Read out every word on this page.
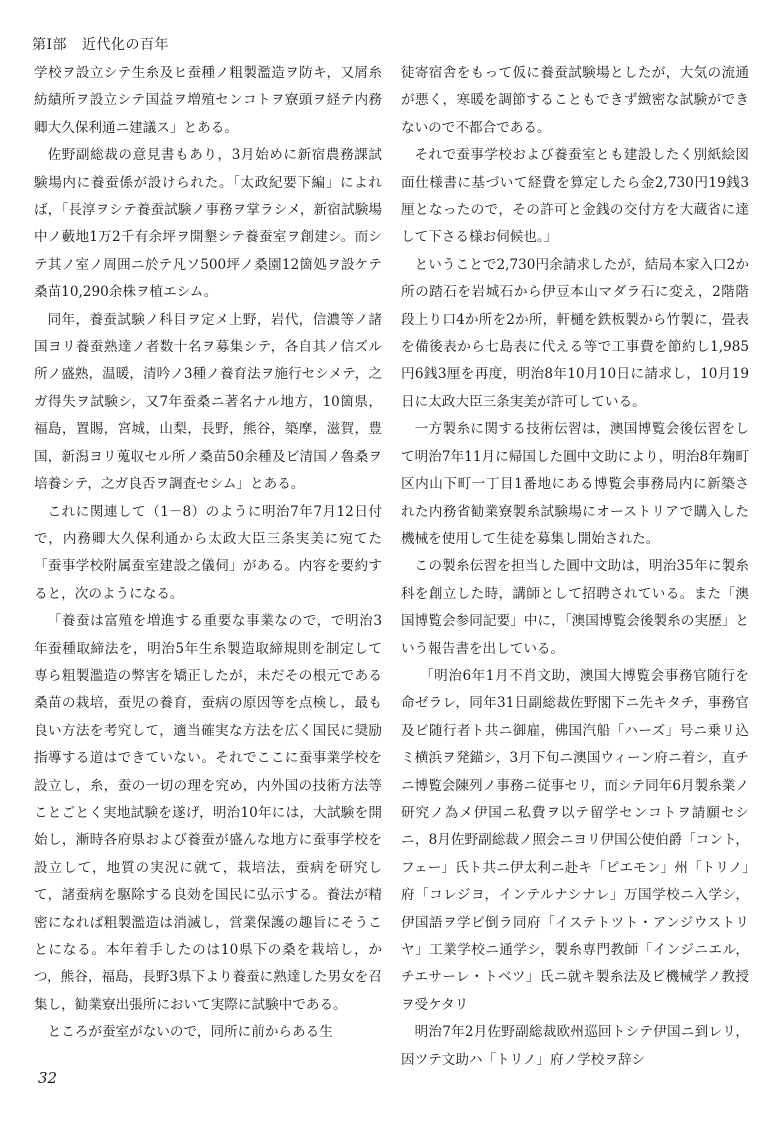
第Ⅰ部 近代化の百年

学校ヲ設立シテ生糸及ヒ蚕種ノ粗製濫造ヲ防キ，又屑糸紡績所ヲ設立シテ国益ヲ増殖センコトヲ寮頭ヲ経テ内務卿大久保利通ニ建議ス」とある。

佐野副総裁の意見書もあり，3月始めに新宿農務課試験場内に養蚕係が設けられた。「太政紀要下編」によれば，「長淳ヲシテ養蚕試験ノ事務ヲ掌ラシメ，新宿試験場中ノ藪地1万2千有余坪ヲ開墾シテ養蚕室ヲ創建シ。而シテ其ノ室ノ周囲ニ於テ凡ソ500坪ノ桑園12箇処ヲ設ケテ桑苗10,290余株ヲ植エシム。

同年，養蚕試験ノ科目ヲ定メ上野，岩代，信濃等ノ諸国ヨリ養蚕熟達ノ者数十名ヲ募集シテ，各自其ノ信ズル所ノ盛熟，温暖，清吟ノ3種ノ養育法ヲ施行セシメテ，之ガ得失ヲ試験シ，又7年蚕桑ニ著名ナル地方，10箇県，福島，置賜，宮城，山梨，長野，熊谷，築摩，滋賀，豊国，新潟ヨリ蒐収セル所ノ桑苗50余種及ビ清国ノ魯桑ヲ培養シテ，之ガ良否ヲ調査セシム」とある。

これに関連して（1－8）のように明治7年7月12日付で，内務卿大久保利通から太政大臣三条実美に宛てた「蚕事学校附属蚕室建設之儀伺」がある。内容を要約すると，次のようになる。

「養蚕は富殖を増進する重要な事業なので，で明治3年蚕種取締法を，明治5年生糸製造取締規則を制定して専ら粗製濫造の弊害を矯正したが，未だその根元である桑苗の栽培，蚕児の養育，蚕病の原因等を点検し，最も良い方法を考究して，適当確実な方法を広く国民に奨励指導する道はできていない。それでここに蚕事業学校を設立し，糸，蚕の一切の理を究め，内外国の技術方法等ことごとく実地試験を遂げ，明治10年には，大試験を開始し，漸時各府県および養蚕が盛んな地方に蚕事学校を設立して，地質の実況に就て，栽培法，蚕病を研究して，諸蚕病を駆除する良効を国民に弘示する。養法が精密になれば粗製濫造は消滅し，営業保護の趣旨にそうことになる。本年着手したのは10県下の桑を栽培し，かつ，熊谷，福島，長野3県下より養蚕に熟達した男女を召集し，勧業寮出張所において実際に試験中である。

ところが蚕室がないので，同所に前からある生

徒寄宿舎をもって仮に養蚕試験場としたが，大気の流通が悪く，寒暖を調節することもできず緻密な試験ができないので不都合である。

それで蚕事学校および養蚕室とも建設したく別紙絵図面仕様書に基づいて経費を算定したら金2,730円19銭3厘となったので，その許可と金銭の交付方を大蔵省に達して下さる様お伺候也。」

ということで2,730円余請求したが，結局本家入口2か所の踏石を岩城石から伊豆本山マダラ石に変え，2階階段上り口4か所を2か所，軒樋を鉄板製から竹製に，畳表を備後表から七島表に代える等で工事費を節約し1,985円6銭3厘を再度，明治8年10月10日に請求し，10月19日に太政大臣三条実美が許可している。

一方製糸に関する技術伝習は，澳国博覧会後伝習をして明治7年11月に帰国した圓中文助により，明治8年麹町区内山下町一丁目1番地にある博覧会事務局内に新築された内務省勧業寮製糸試験場にオーストリアで購入した機械を使用して生徒を募集し開始された。

この製糸伝習を担当した圓中文助は，明治35年に製糸科を創立した時，講師として招聘されている。また「澳国博覧会参同記要」中に，「澳国博覧会後製糸の実歴」という報告書を出している。

「明治6年1月不肖文助，澳国大博覧会事務官随行を命ゼラレ，同年31日副総裁佐野閣下ニ先キタチ，事務官及ビ随行者ト共ニ御雇，佛国汽船「ハーズ」号ニ乗リ込ミ横浜ヲ発錨シ，3月下旬ニ澳国ウィーン府ニ着シ，直チニ博覧会陳列ノ事務ニ従事セリ，而シテ同年6月製糸業ノ研究ノ為メ伊国ニ私費ヲ以テ留学センコトヲ請願セシニ，8月佐野副総裁ノ照会ニヨリ伊国公使伯爵「コント，フェー」氏ト共ニ伊太利ニ赴キ「ピエモン」州「トリノ」府「コレジヨ，インテルナシナレ」万国学校ニ入学シ，伊国語ヲ学ビ倒ラ同府「イステトツト・アンジウストリヤ」工業学校ニ通学シ，製糸専門教師「インジニエル，チエサーレ・トベツ」氏ニ就キ製糸法及ビ機械学ノ教授ヲ受ケタリ

明治7年2月佐野副総裁欧州巡回トシテ伊国ニ到レリ，因ツテ文助ハ「トリノ」府ノ学校ヲ辞シ

32
